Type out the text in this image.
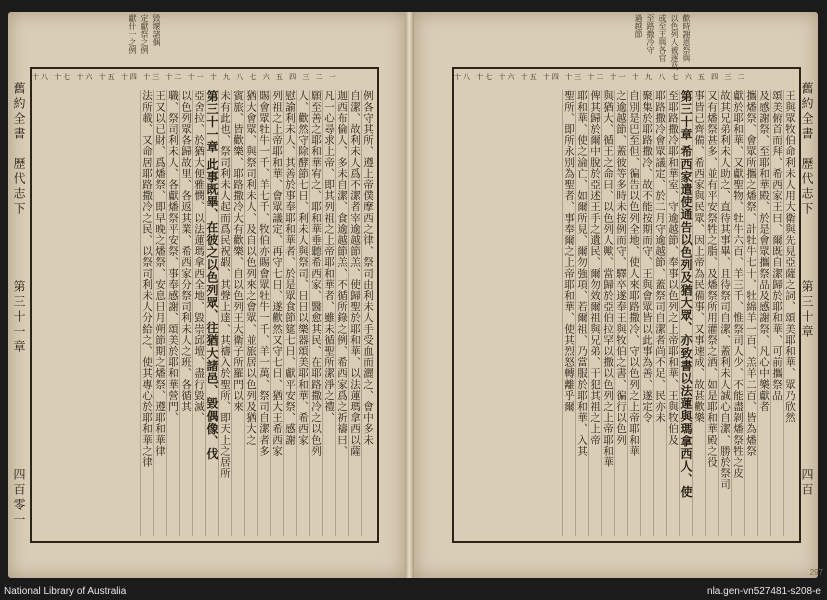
毀壞諸偶
定獻祭之例
獻什一之例
十八 十七 十六 十五 十四 十三 十二 十一 十 九 八 七 六 五 四 三 二 一
例各守其所、遵上帝僕摩西之律、祭司由利未人手受血而灑之、會中多未
自潔、故利未人爲不潔者宰逾越節羔、使歸聖於耶和華、以法蓮瑪拿西以薩
迦西布倫人、多未自潔、食逾越節羔、不循所錄之例、希西家爲之祈禱曰、
凡一心尋求上帝、即其列祖之上帝耶和華者、雖未循聖所潔淨之禮、
願至善之耶和華宥之、耶和華垂聽希西家、醫愈其民、在耶路撒冷之以色列
人、歡然守除酵節七日、利未人與祭司、日日以樂器頌美耶和華、希西家
慰諭利未人、其善於事奉耶和華者、於是眾食節筵七日、獻平安祭、感謝
列祖之上帝耶和華、會眾議定、再守七日、遂歡然又守七日、猶大王希西家
賜會眾牡牛一千、羊七千、牧伯亦賜會眾牡牛一千、羊一萬、祭司自潔者多
猶大會眾、與祭司利未人、及自以色列來之會眾、並旅居以色列及猶大之
賓旅、皆歡樂、耶路撒冷大有歡樂、自以色列王大衛子所羅門以來
未有此也、祭司利未人起而爲民祝嘏、其聲上達、其禱入於聖所、即天上之居所
第三十一章 此事既畢、在彼之以色列眾、往猶大諸邑、毀偶像、伐
亞舍拉、於猶大便雅憫、以法蓮瑪拿西全地、毀崇邱壇、盡行毀滅、
以色列眾各歸故里、各返其業、希西家分祭司利未人之班、各循其
職、祭司利未人、各獻燔祭平安祭、事奉感謝、頌美於耶和華營門、
王又以已財、爲燔祭、即早晚之燔祭、安息日月朔節期之燔祭、遵耶和華律
法所載、又命居耶路撒冷之民、以祭司利未人分給之、使其專心於耶和華之律
舊約全書　歷代志下
第三十一章
四百零一
歡時謝恩祭與
以色列人被逐及
或至王與各官
至路撒冷守
過越節
十八 十七 十六 十五 十四 十三 十二 十一 十 九 八 七 六 五 四 三 二
王與眾牧伯命利未人用大衛與先見亞薩之詞、頌美耶和華、眾乃欣然
頌美俯首而拜、希西家王曰、爾既自潔歸於耶和華、可前攜祭品
及感謝祭、至耶和華殿、於是會眾攜祭品及感謝祭、凡心中樂獻者
攜燔祭、會眾所攜之燔祭、計牡牛七十、牡綿羊一百、羔羊二百、皆為燔祭
獻於耶和華、又獻聖物、牡牛六百、羊三千、惟祭司人少、不能盡剝燔祭牲之皮
故其兄弟利未人助之、直待其事畢、且待祭司自潔、蓋利未人誠心自潔、勝於祭司
又有燔祭甚多、並有平安祭牲之脂、及燔祭所用灌祭之酒、如是耶和華殿之役
事皆已齊備、希西家與民眾、因上帝為民備事、又事速成、故甚歡樂
第三十章 希西家遣使通告以色列及猶大眾、亦致書以法蓮與瑪拿西人、使
至耶路撒冷耶和華室、守逾越節、奉事以色列之上帝耶和華、王與牧伯及
耶路撒冷會眾議定、於二月守逾越節、蓋祭司自潔者尚不足、民亦未
聚集於耶路撒冷、故不能按期而守、王與會眾皆以此事為善、遂定令
自別是巴至但、徧告以色列全地、使人來耶路撒冷、守以色列之上帝耶和華
之逾越節、蓋彼等多時未按例而守、驛卒遂奉王與牧伯之書、徧行以色列
與猶大、循王之命曰、以色列人歟、當歸於亞伯拉罕以撒以色列之上帝耶和華
俾其歸於爾中脫於亞述王手之遺民、爾勿效爾祖與兄弟、干犯其祖之上帝
耶和華、使之淪亡、如爾所見、爾勿強項、若爾祖、乃當服於耶和華、入其
聖所、即所永別為聖者、事奉爾之上帝耶和華、使其烈怒轉離乎爾	舊約全書　歷代志下
第三十章
四百
297
National Library of Australia	nla.gen-vn527481-s208-e
